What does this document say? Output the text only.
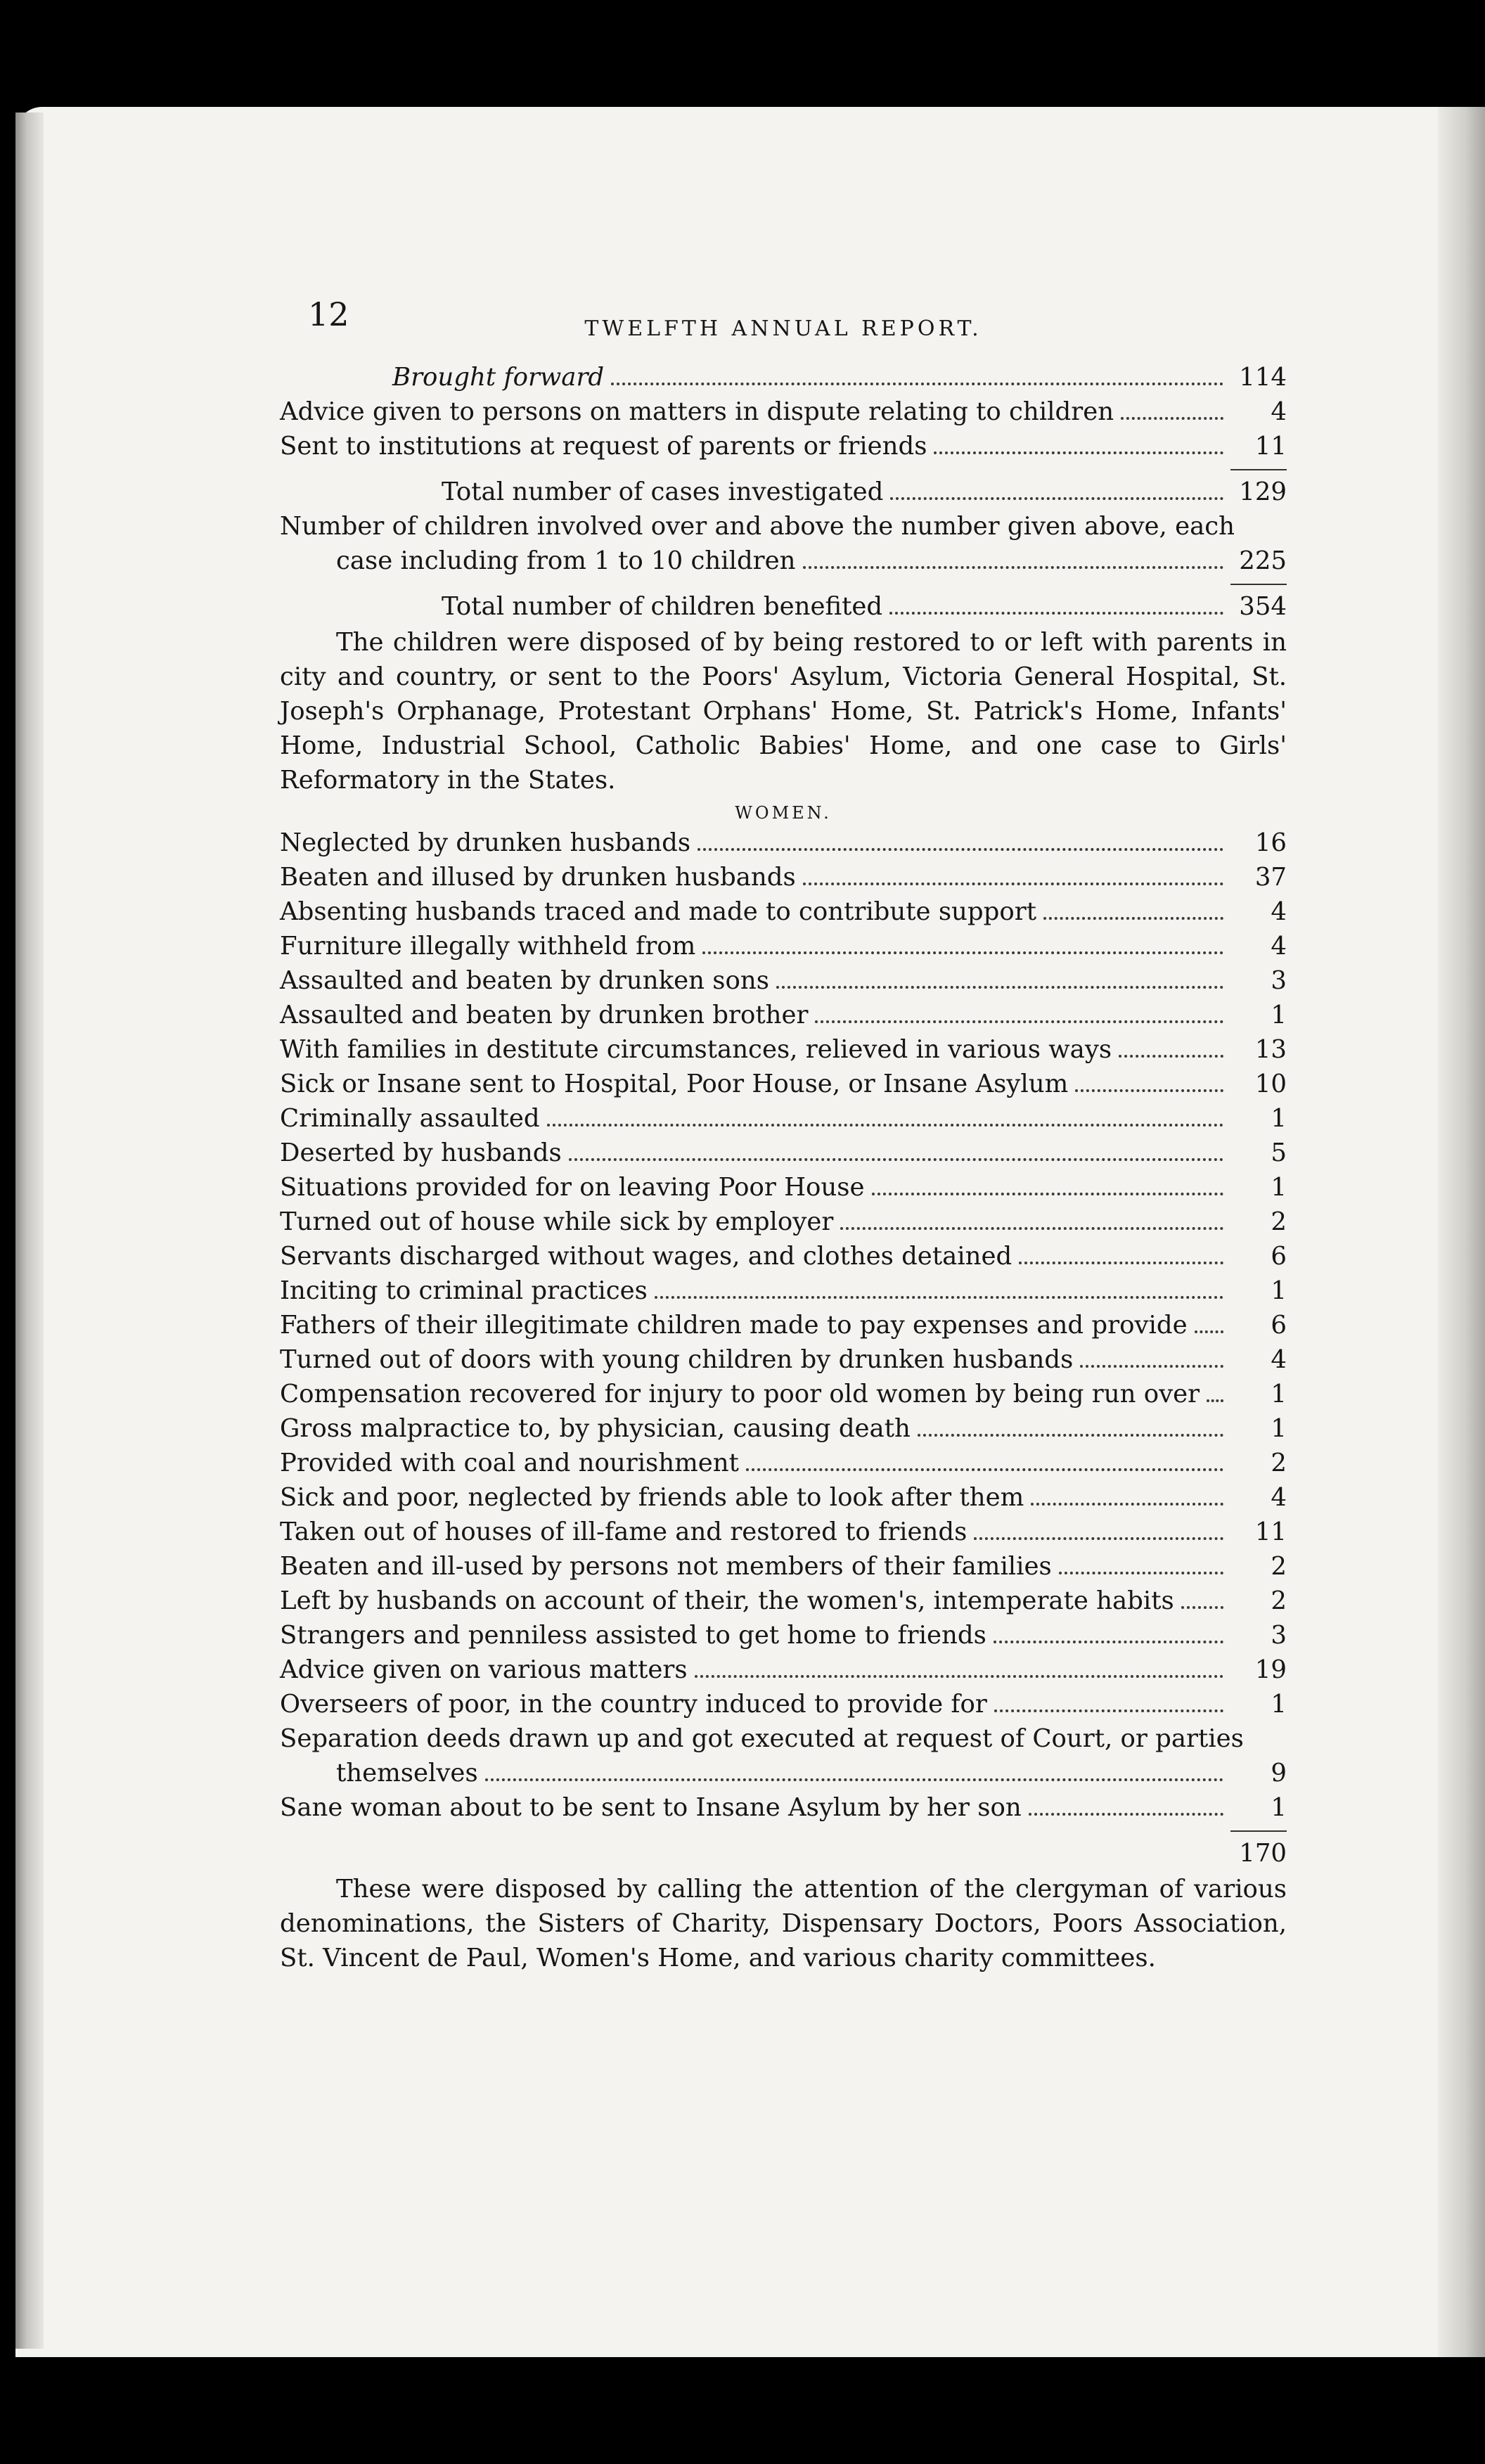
12	TWELFTH ANNUAL REPORT.
Brought forward	114
Advice given to persons on matters in dispute relating to children	4
Sent to institutions at request of parents or friends	11
Total number of cases investigated	129
Number of children involved over and above the number given above, each
case including from 1 to 10 children	225
Total number of children benefited	354

The children were disposed of by being restored to or left with parents in city and country, or sent to the Poors' Asylum, Victoria General Hospital, St. Joseph's Orphanage, Protestant Orphans' Home, St. Patrick's Home, Infants' Home, Industrial School, Catholic Babies' Home, and one case to Girls' Reformatory in the States.

WOMEN.
Neglected by drunken husbands	16
Beaten and illused by drunken husbands	37
Absenting husbands traced and made to contribute support	4
Furniture illegally withheld from	4
Assaulted and beaten by drunken sons	3
Assaulted and beaten by drunken brother	1
With families in destitute circumstances, relieved in various ways	13
Sick or Insane sent to Hospital, Poor House, or Insane Asylum	10
Criminally assaulted	1
Deserted by husbands	5
Situations provided for on leaving Poor House	1
Turned out of house while sick by employer	2
Servants discharged without wages, and clothes detained	6
Inciting to criminal practices	1
Fathers of their illegitimate children made to pay expenses and provide	6
Turned out of doors with young children by drunken husbands	4
Compensation recovered for injury to poor old women by being run over	1
Gross malpractice to, by physician, causing death	1
Provided with coal and nourishment	2
Sick and poor, neglected by friends able to look after them	4
Taken out of houses of ill-fame and restored to friends	11
Beaten and ill-used by persons not members of their families	2
Left by husbands on account of their, the women's, intemperate habits	2
Strangers and penniless assisted to get home to friends	3
Advice given on various matters	19
Overseers of poor, in the country induced to provide for	1
Separation deeds drawn up and got executed at request of Court, or parties
themselves	9
Sane woman about to be sent to Insane Asylum by her son	1
170

These were disposed by calling the attention of the clergyman of various denominations, the Sisters of Charity, Dispensary Doctors, Poors Association, St. Vincent de Paul, Women's Home, and various charity committees.
